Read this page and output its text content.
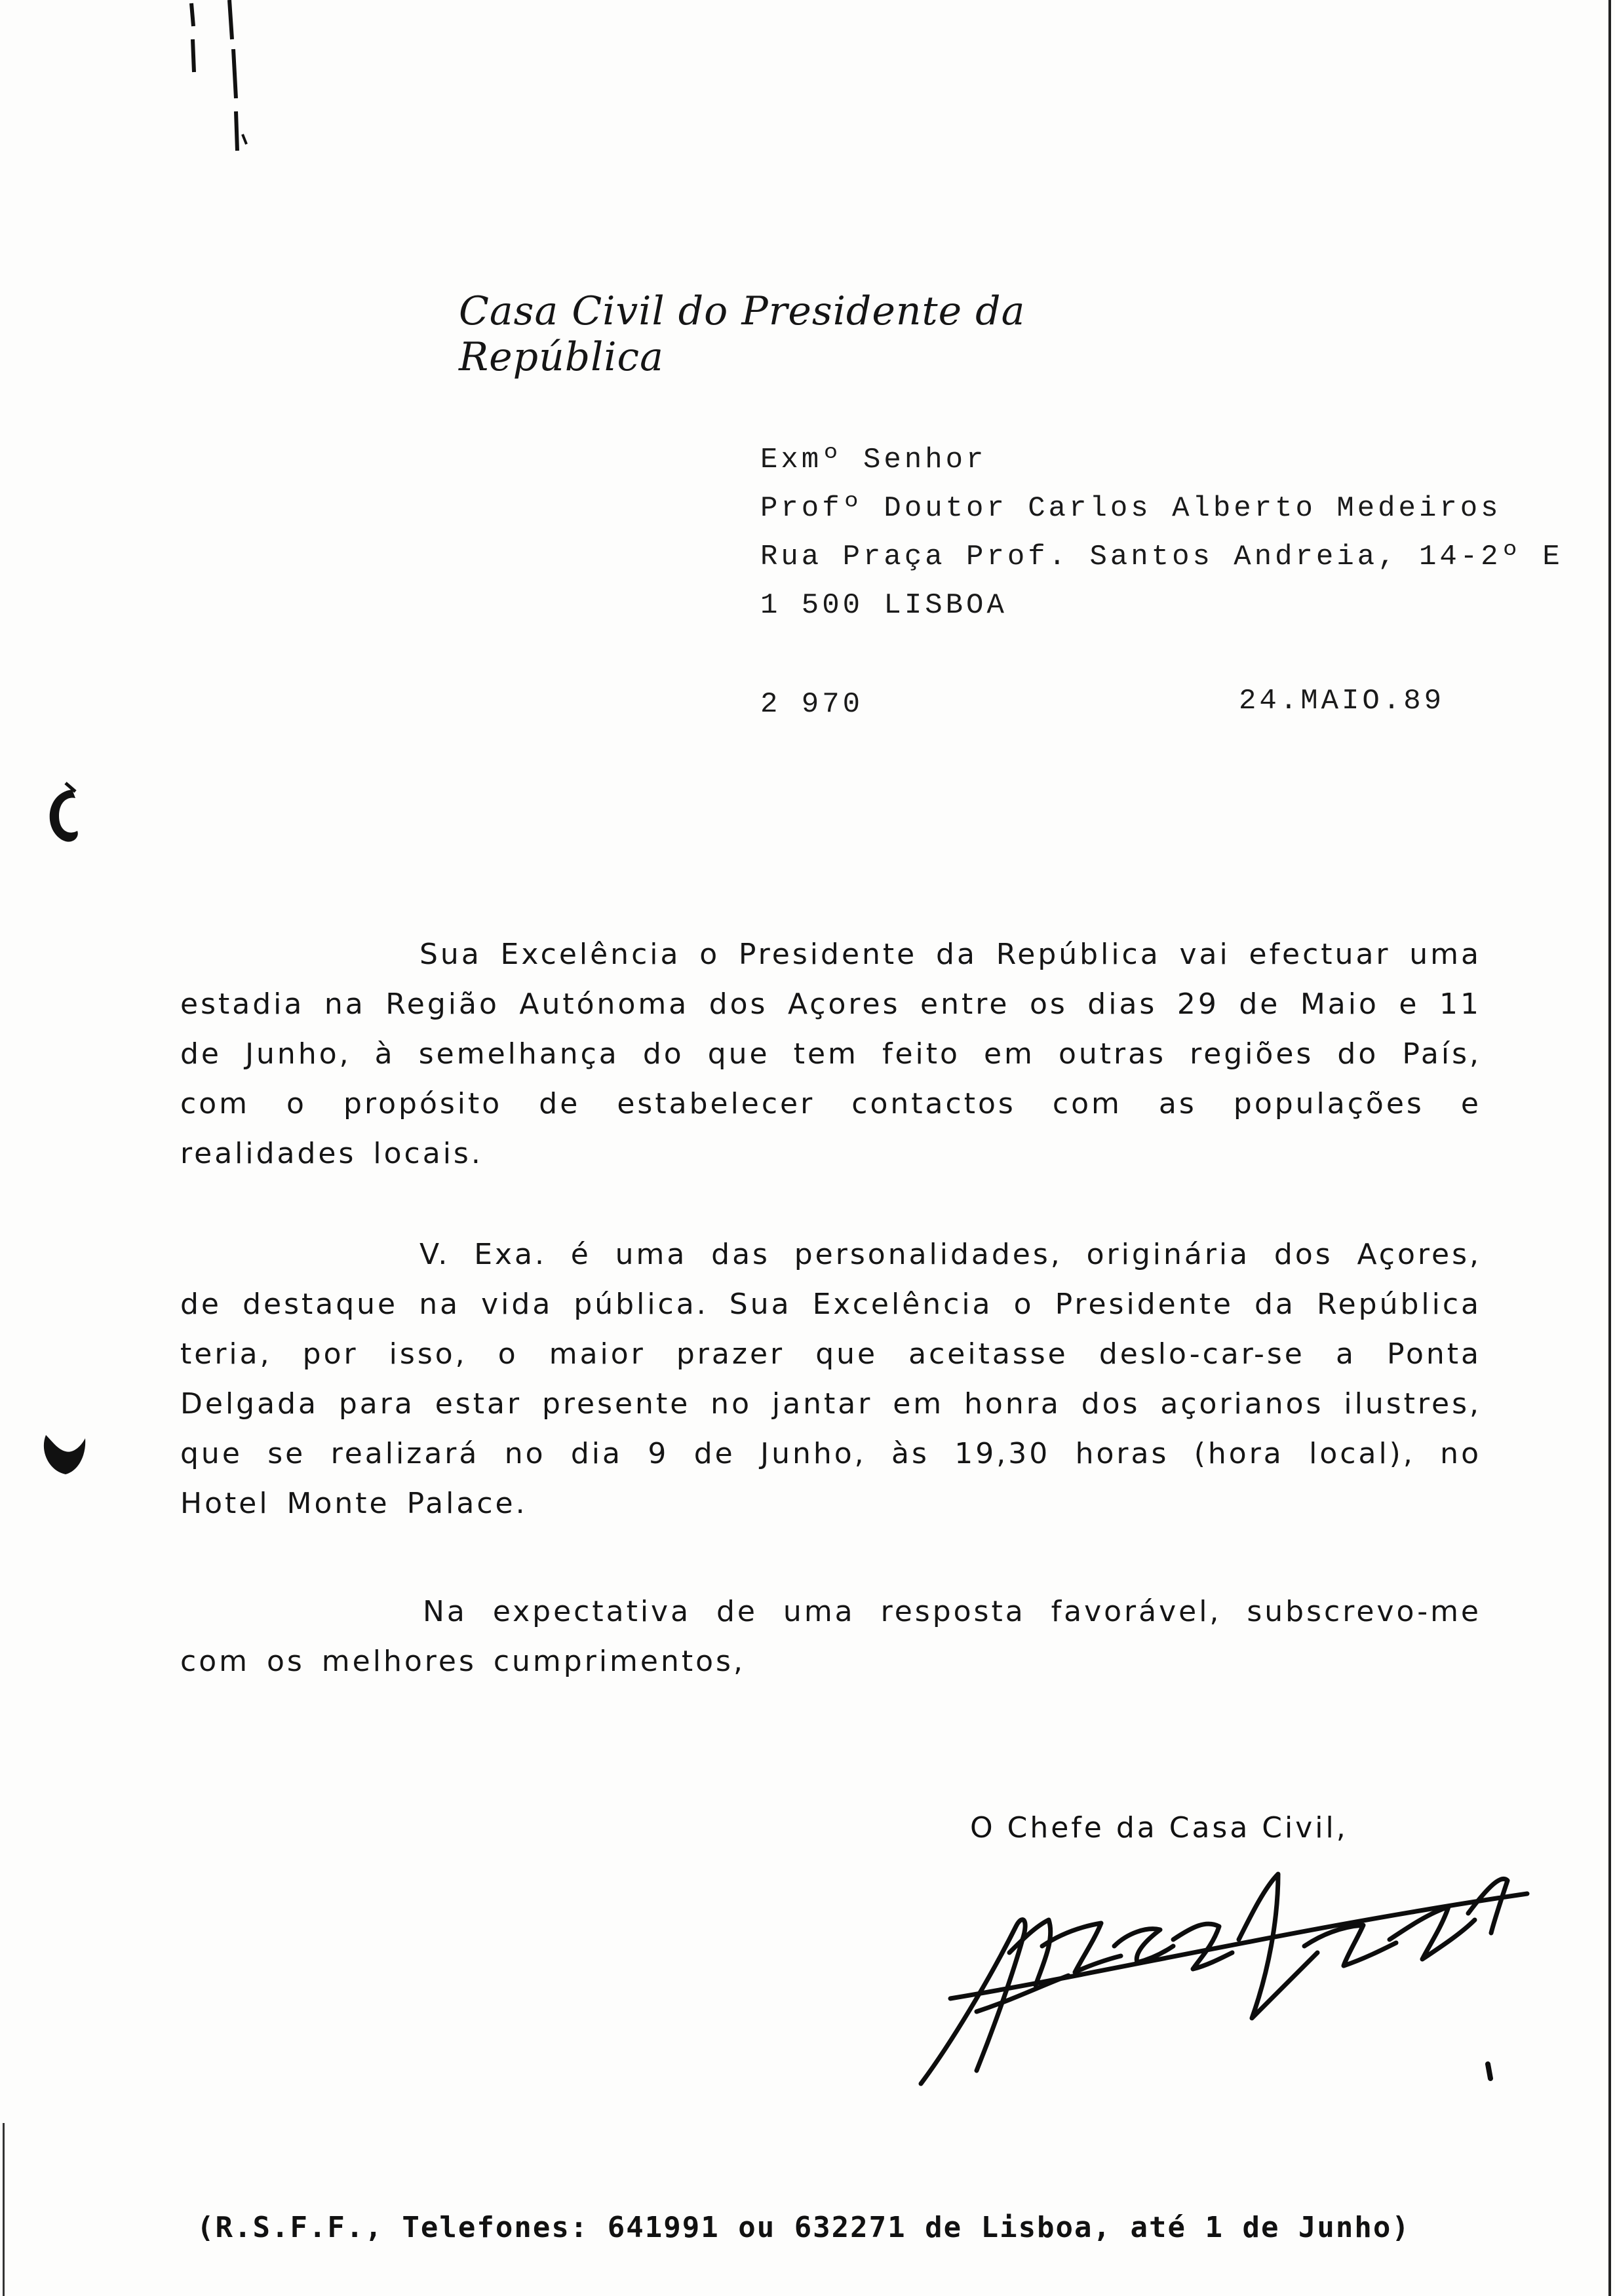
Casa Civil do Presidente da República
Exmº Senhor
Profº Doutor Carlos Alberto Medeiros
Rua Praça Prof. Santos Andreia, 14-2º E
1 500 LISBOA
2 970	24.MAIO.89

Sua Excelência o Presidente da República vai efectuar uma estadia na Região Autónoma dos Açores entre os dias 29 de Maio e 11 de Junho, à semelhança do que tem feito em outras regiões do País, com o propósito de estabelecer contactos com as populações e realidades locais.

V. Exa. é uma das personalidades, originária dos Açores, de destaque na vida pública. Sua Excelência o Presidente da República teria, por isso, o maior prazer que aceitasse deslo-car-se a Ponta Delgada para estar presente no jantar em honra dos açorianos ilustres, que se realizará no dia 9 de Junho, às 19,30 horas (hora local), no Hotel Monte Palace.

Na expectativa de uma resposta favorável, subscrevo-me com os melhores cumprimentos,

O Chefe da Casa Civil,
(R.S.F.F., Telefones: 641991 ou 632271 de Lisboa, até 1 de Junho)
